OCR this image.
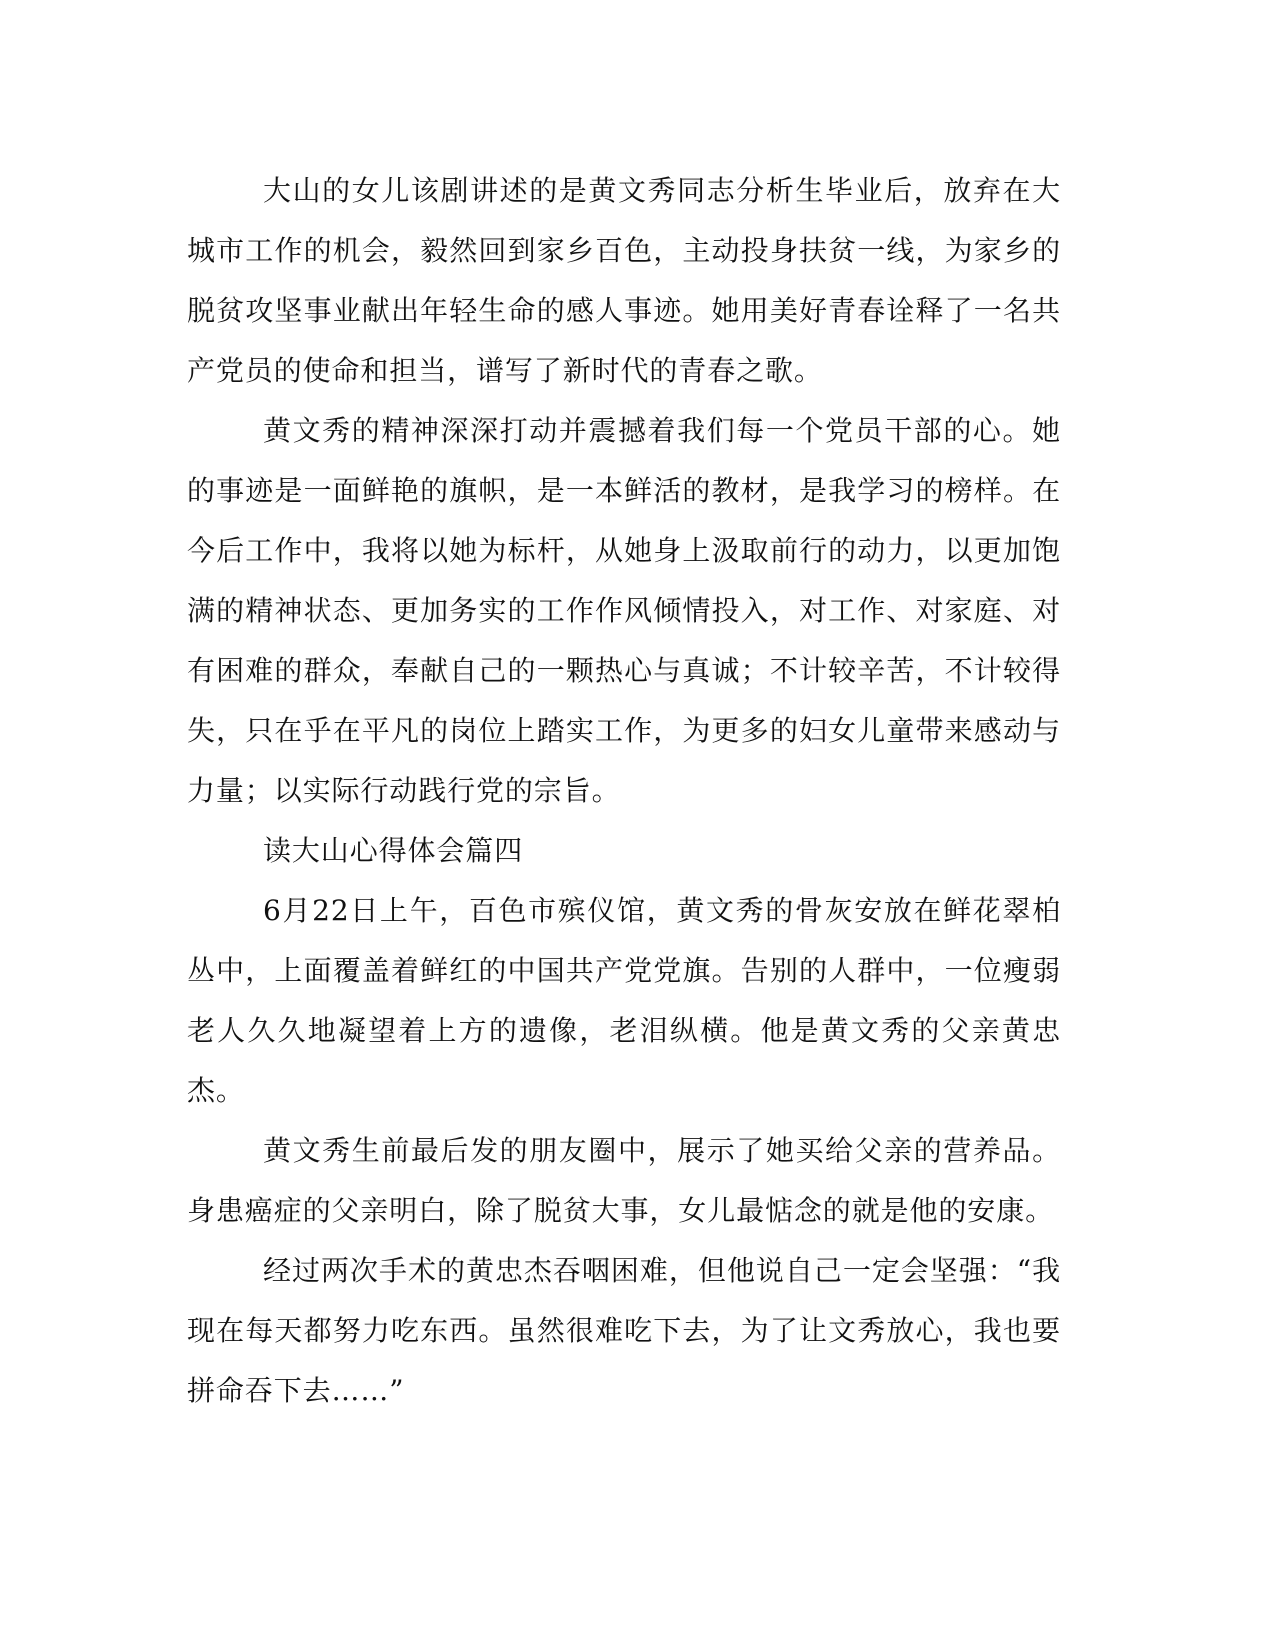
大山的女儿该剧讲述的是黄文秀同志分析生毕业后，放弃在大城市工作的机会，毅然回到家乡百色，主动投身扶贫一线，为家乡的脱贫攻坚事业献出年轻生命的感人事迹。她用美好青春诠释了一名共产党员的使命和担当，谱写了新时代的青春之歌。

黄文秀的精神深深打动并震撼着我们每一个党员干部的心。她的事迹是一面鲜艳的旗帜，是一本鲜活的教材，是我学习的榜样。在今后工作中，我将以她为标杆，从她身上汲取前行的动力，以更加饱满的精神状态、更加务实的工作作风倾情投入，对工作、对家庭、对有困难的群众，奉献自己的一颗热心与真诚；不计较辛苦，不计较得失，只在乎在平凡的岗位上踏实工作，为更多的妇女儿童带来感动与力量；以实际行动践行党的宗旨。

读大山心得体会篇四

6月22日上午，百色市殡仪馆，黄文秀的骨灰安放在鲜花翠柏丛中，上面覆盖着鲜红的中国共产党党旗。告别的人群中，一位瘦弱老人久久地凝望着上方的遗像，老泪纵横。他是黄文秀的父亲黄忠杰。

黄文秀生前最后发的朋友圈中，展示了她买给父亲的营养品。身患癌症的父亲明白，除了脱贫大事，女儿最惦念的就是他的安康。

经过两次手术的黄忠杰吞咽困难，但他说自己一定会坚强：“我现在每天都努力吃东西。虽然很难吃下去，为了让文秀放心，我也要拼命吞下去……”
